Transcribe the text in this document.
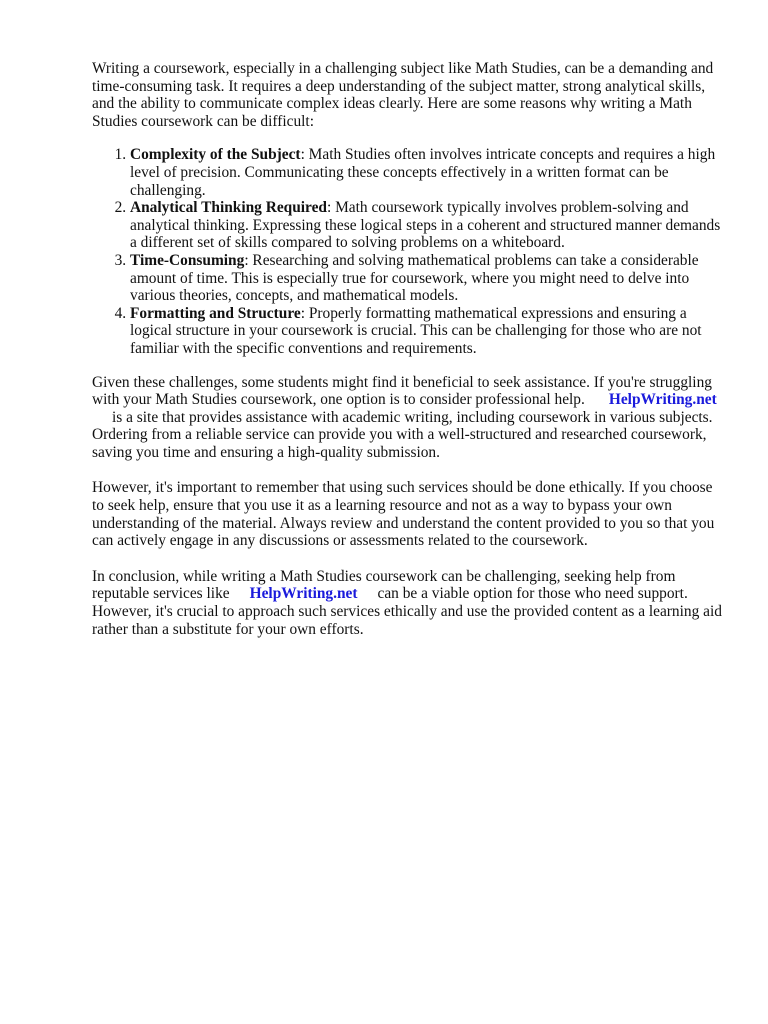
Writing a coursework, especially in a challenging subject like Math Studies, can be a demanding and time-consuming task. It requires a deep understanding of the subject matter, strong analytical skills, and the ability to communicate complex ideas clearly. Here are some reasons why writing a Math Studies coursework can be difficult:

1. Complexity of the Subject: Math Studies often involves intricate concepts and requires a high level of precision. Communicating these concepts effectively in a written format can be challenging.
2. Analytical Thinking Required: Math coursework typically involves problem-solving and analytical thinking. Expressing these logical steps in a coherent and structured manner demands a different set of skills compared to solving problems on a whiteboard.
3. Time-Consuming: Researching and solving mathematical problems can take a considerable amount of time. This is especially true for coursework, where you might need to delve into various theories, concepts, and mathematical models.
4. Formatting and Structure: Properly formatting mathematical expressions and ensuring a logical structure in your coursework is crucial. This can be challenging for those who are not familiar with the specific conventions and requirements.

Given these challenges, some students might find it beneficial to seek assistance. If you're struggling with your Math Studies coursework, one option is to consider professional help. HelpWriting.net
is a site that provides assistance with academic writing, including coursework in various subjects. Ordering from a reliable service can provide you with a well-structured and researched coursework, saving you time and ensuring a high-quality submission.

However, it's important to remember that using such services should be done ethically. If you choose to seek help, ensure that you use it as a learning resource and not as a way to bypass your own understanding of the material. Always review and understand the content provided to you so that you can actively engage in any discussions or assessments related to the coursework.

In conclusion, while writing a Math Studies coursework can be challenging, seeking help from reputable services like HelpWriting.net can be a viable option for those who need support. However, it's crucial to approach such services ethically and use the provided content as a learning aid rather than a substitute for your own efforts.
